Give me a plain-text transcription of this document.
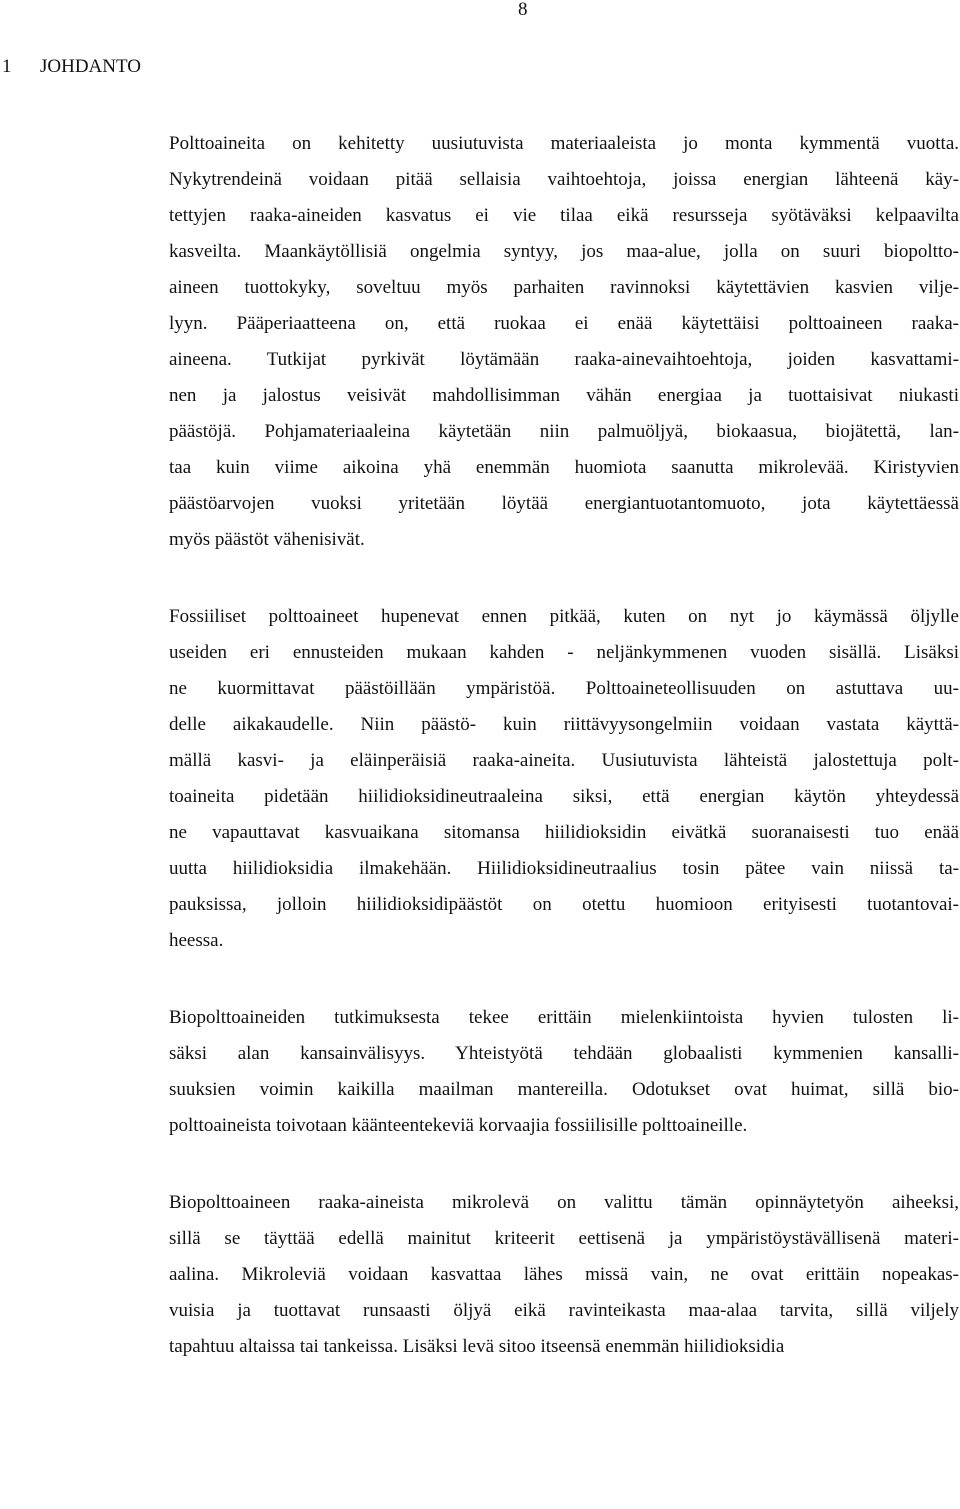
8
1 JOHDANTO

Polttoaineita on kehitetty uusiutuvista materiaaleista jo monta kymmentä vuotta.
Nykytrendeinä voidaan pitää sellaisia vaihtoehtoja, joissa energian lähteenä käy-
tettyjen raaka-aineiden kasvatus ei vie tilaa eikä resursseja syötäväksi kelpaavilta
kasveilta. Maankäytöllisiä ongelmia syntyy, jos maa-alue, jolla on suuri biopoltto-
aineen tuottokyky, soveltuu myös parhaiten ravinnoksi käytettävien kasvien vilje-
lyyn. Pääperiaatteena on, että ruokaa ei enää käytettäisi polttoaineen raaka-
aineena. Tutkijat pyrkivät löytämään raaka-ainevaihtoehtoja, joiden kasvattami-
nen ja jalostus veisivät mahdollisimman vähän energiaa ja tuottaisivat niukasti
päästöjä. Pohjamateriaaleina käytetään niin palmuöljyä, biokaasua, biojätettä, lan-
taa kuin viime aikoina yhä enemmän huomiota saanutta mikrolevää. Kiristyvien
päästöarvojen vuoksi yritetään löytää energiantuotantomuoto, jota käytettäessä
myös päästöt vähenisivät.

Fossiiliset polttoaineet hupenevat ennen pitkää, kuten on nyt jo käymässä öljylle
useiden eri ennusteiden mukaan kahden - neljänkymmenen vuoden sisällä. Lisäksi
ne kuormittavat päästöillään ympäristöä. Polttoaineteollisuuden on astuttava uu-
delle aikakaudelle. Niin päästö- kuin riittävyysongelmiin voidaan vastata käyttä-
mällä kasvi- ja eläinperäisiä raaka-aineita. Uusiutuvista lähteistä jalostettuja polt-
toaineita pidetään hiilidioksidineutraaleina siksi, että energian käytön yhteydessä
ne vapauttavat kasvuaikana sitomansa hiilidioksidin eivätkä suoranaisesti tuo enää
uutta hiilidioksidia ilmakehään. Hiilidioksidineutraalius tosin pätee vain niissä ta-
pauksissa, jolloin hiilidioksidipäästöt on otettu huomioon erityisesti tuotantovai-
heessa.

Biopolttoaineiden tutkimuksesta tekee erittäin mielenkiintoista hyvien tulosten li-
säksi alan kansainvälisyys. Yhteistyötä tehdään globaalisti kymmenien kansalli-
suuksien voimin kaikilla maailman mantereilla. Odotukset ovat huimat, sillä bio-
polttoaineista toivotaan käänteentekeviä korvaajia fossiilisille polttoaineille.

Biopolttoaineen raaka-aineista mikrolevä on valittu tämän opinnäytetyön aiheeksi,
sillä se täyttää edellä mainitut kriteerit eettisenä ja ympäristöystävällisenä materi-
aalina. Mikroleviä voidaan kasvattaa lähes missä vain, ne ovat erittäin nopeakas-
vuisia ja tuottavat runsaasti öljyä eikä ravinteikasta maa-alaa tarvita, sillä viljely
tapahtuu altaissa tai tankeissa. Lisäksi levä sitoo itseensä enemmän hiilidioksidia
